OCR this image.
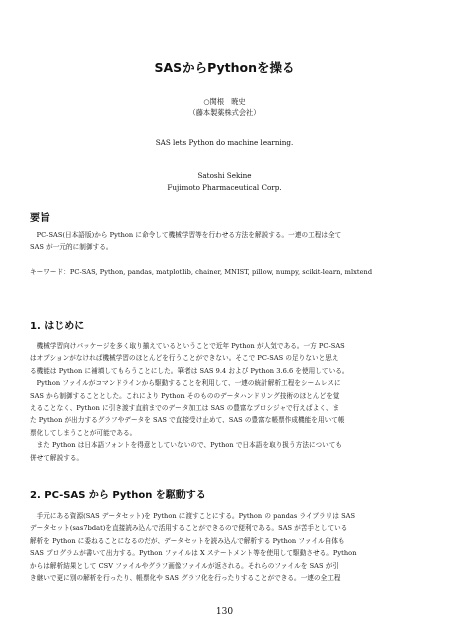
SASからPythonを操る
○関根　暁史
（藤本製薬株式会社）
SAS lets Python do machine learning.
Satoshi Sekine
Fujimoto Pharmaceutical Corp.
要旨
PC-SAS(日本語版)から Python に命令して機械学習等を行わせる方法を解説する。一連の工程は全て
SAS が一元的に制御する。
キーワード：PC-SAS, Python, pandas, matplotlib, chainer, MNIST, pillow, numpy, scikit-learn, mlxtend
1. はじめに
機械学習向けパッケージを多く取り揃えているということで近年 Python が人気である。一方 PC-SAS
はオプションがなければ機械学習のほとんどを行うことができない。そこで PC-SAS の足りないと思え
る機能は Python に補填してもらうことにした。筆者は SAS 9.4 および Python 3.6.6 を使用している。
Python ファイルがコマンドラインから駆動することを利用して、一連の統計解析工程をシームレスに
SAS から制御することとした。これにより Python そのもののデータハンドリング技術のほとんどを覚
えることなく、Python に引き渡す直前までのデータ加工は SAS の豊富なプロシジャで行えばよく、ま
た Python が出力するグラフやデータを SAS で直接受け止めて、SAS の豊富な帳票作成機能を用いて帳
票化してしまうことが可能である。
また Python は日本語フォントを得意としていないので、Python で日本語を取り扱う方法についても
併せて解説する。
2. PC-SAS から Python を駆動する
手元にある資源(SAS データセット)を Python に渡すことにする。Python の pandas ライブラリは SAS
データセット(sas7bdat)を直接読み込んで活用することができるので便利である。SAS が苦手としている
解析を Python に委ねることになるのだが、データセットを読み込んで解析する Python ファイル自体も
SAS プログラムが書いて出力する。Python ファイルは X ステートメント等を使用して駆動させる。Python
からは解析結果として CSV ファイルやグラフ画像ファイルが返される。それらのファイルを SAS が引
き継いで更に別の解析を行ったり、帳票化や SAS グラフ化を行ったりすることができる。一連の全工程
130
